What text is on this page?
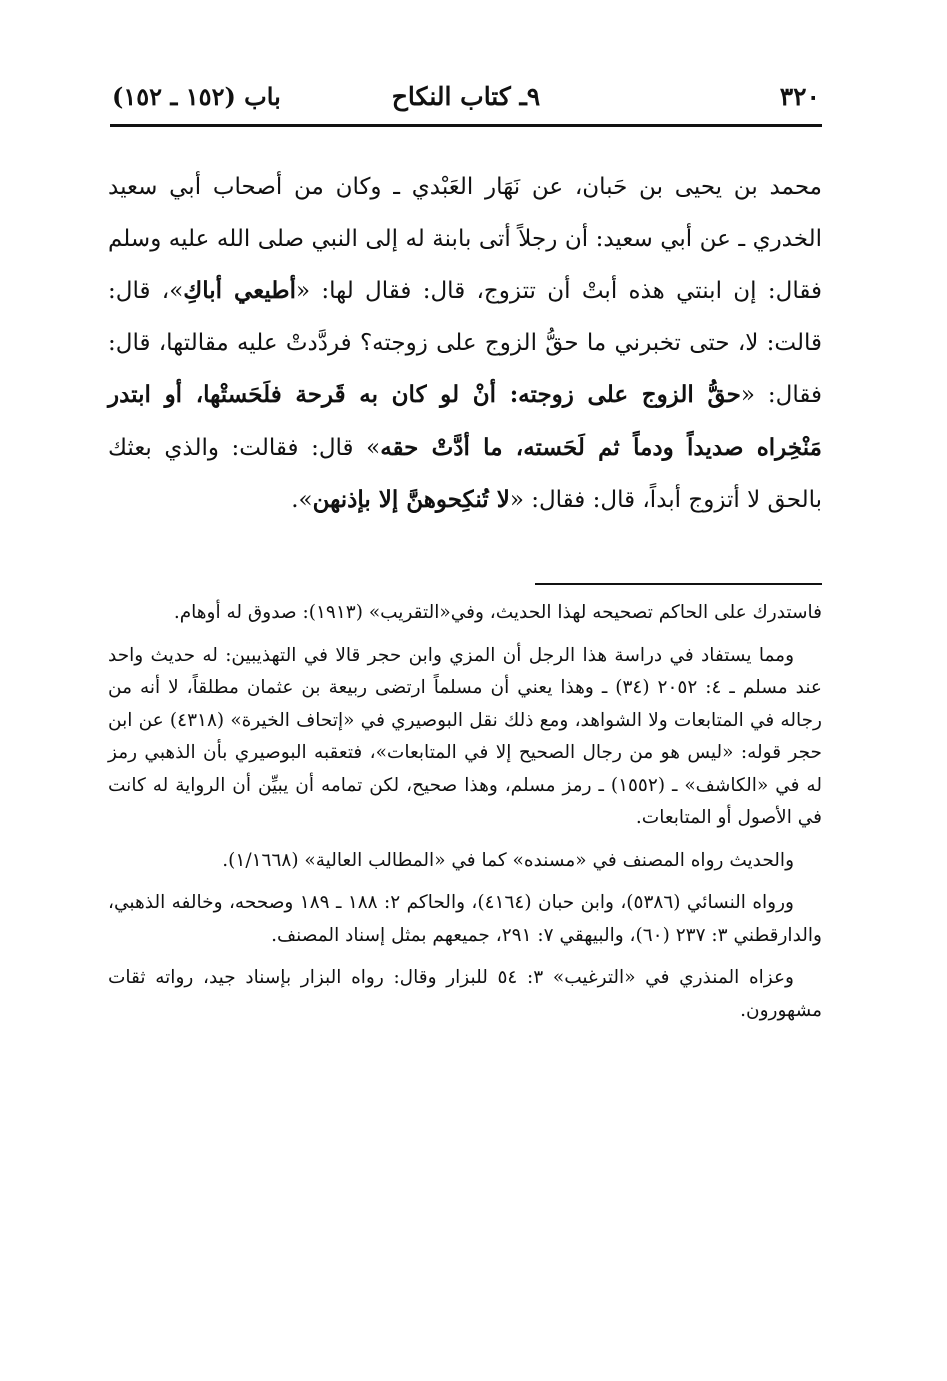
٣٢٠
٩ـ كتاب النكاح
باب (١٥٢ ـ ١٥٢)

محمد بن يحيى بن حَبان، عن نَهَار العَبْدي ـ وكان من أصحاب أبي سعيد الخدري ـ عن أبي سعيد: أن رجلاً أتى بابنة له إلى النبي صلى الله عليه وسلم فقال: إن ابنتي هذه أبتْ أن تتزوج، قال: فقال لها: «أطيعي أباكِ»، قال: قالت: لا، حتى تخبرني ما حقُّ الزوج على زوجته؟ فردَّدتْ عليه مقالتها، قال: فقال: «حقُّ الزوج على زوجته: أنْ لو كان به قَرحة فلَحَستْها، أو ابتدر مَنْخِراه صديداً ودماً ثم لَحَسته، ما أدَّتْ حقه» قال: فقالت: والذي بعثك بالحق لا أتزوج أبداً، قال: فقال: «لا تُنكِحوهنَّ إلا بإذنهن».

فاستدرك على الحاكم تصحيحه لهذا الحديث، وفي«التقريب» (١٩١٣): صدوق له أوهام.

ومما يستفاد في دراسة هذا الرجل أن المزي وابن حجر قالا في التهذيبين: له حديث واحد عند مسلم ـ ٤: ٢٠٥٢ (٣٤) ـ وهذا يعني أن مسلماً ارتضى ربيعة بن عثمان مطلقاً، لا أنه من رجاله في المتابعات ولا الشواهد، ومع ذلك نقل البوصيري في «إتحاف الخيرة» (٤٣١٨) عن ابن حجر قوله: «ليس هو من رجال الصحيح إلا في المتابعات»، فتعقبه البوصيري بأن الذهبي رمز له في «الكاشف» ـ (١٥٥٢) ـ رمز مسلم، وهذا صحيح، لكن تمامه أن يبيِّن أن الرواية له كانت في الأصول أو المتابعات.

والحديث رواه المصنف في «مسنده» كما في «المطالب العالية» (١/١٦٦٨).

ورواه النسائي (٥٣٨٦)، وابن حبان (٤١٦٤)، والحاكم ٢: ١٨٨ ـ ١٨٩ وصححه، وخالفه الذهبي، والدارقطني ٣: ٢٣٧ (٦٠)، والبيهقي ٧: ٢٩١، جميعهم بمثل إسناد المصنف.

وعزاه المنذري في «الترغيب» ٣: ٥٤ للبزار وقال: رواه البزار بإسناد جيد، رواته ثقات مشهورون.
